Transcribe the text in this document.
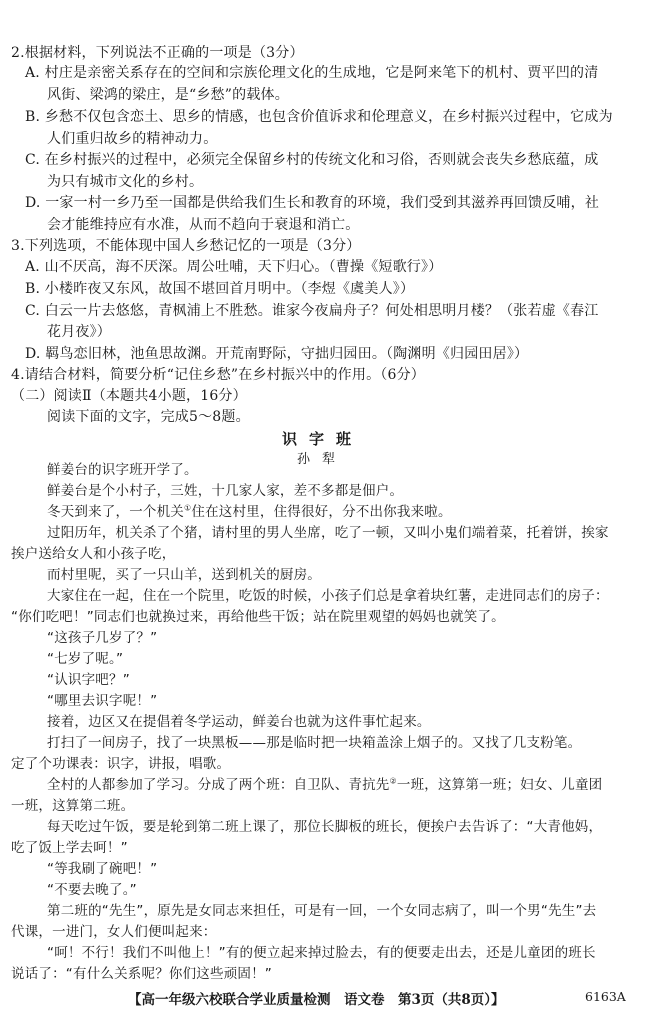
2.根据材料，下列说法不正确的一项是（3分）
A. 村庄是亲密关系存在的空间和宗族伦理文化的生成地，它是阿来笔下的机村、贾平凹的清
风街、梁鸿的梁庄，是“乡愁”的载体。
B. 乡愁不仅包含恋土、思乡的情感，也包含价值诉求和伦理意义，在乡村振兴过程中，它成为
人们重归故乡的精神动力。
C. 在乡村振兴的过程中，必须完全保留乡村的传统文化和习俗，否则就会丧失乡愁底蕴，成
为只有城市文化的乡村。
D. 一家一村一乡乃至一国都是供给我们生长和教育的环境，我们受到其滋养再回馈反哺，社
会才能维持应有水准，从而不趋向于衰退和消亡。
3.下列选项，不能体现中国人乡愁记忆的一项是（3分）
A. 山不厌高，海不厌深。周公吐哺，天下归心。（曹操《短歌行》）
B. 小楼昨夜又东风，故国不堪回首月明中。（李煜《虞美人》）
C. 白云一片去悠悠，青枫浦上不胜愁。谁家今夜扁舟子？何处相思明月楼？（张若虚《春江
花月夜》）
D. 羁鸟恋旧林，池鱼思故渊。开荒南野际，守拙归园田。（陶渊明《归园田居》）
4.请结合材料，简要分析“记住乡愁”在乡村振兴中的作用。（6分）
（二）阅读Ⅱ（本题共4小题，16分）
阅读下面的文字，完成5～8题。
识字班
孙犁
鲜姜台的识字班开学了。
鲜姜台是个小村子，三姓，十几家人家，差不多都是佃户。
冬天到来了，一个机关①住在这村里，住得很好，分不出你我来啦。
过阳历年，机关杀了个猪，请村里的男人坐席，吃了一顿，又叫小鬼们端着菜，托着饼，挨家
挨户送给女人和小孩子吃，
而村里呢，买了一只山羊，送到机关的厨房。
大家住在一起，住在一个院里，吃饭的时候，小孩子们总是拿着块红薯，走进同志们的房子：
“你们吃吧！”同志们也就换过来，再给他些干饭；站在院里观望的妈妈也就笑了。
“这孩子几岁了？”
“七岁了呢。”
“认识字吧？”
“哪里去识字呢！”
接着，边区又在提倡着冬学运动，鲜姜台也就为这件事忙起来。
打扫了一间房子，找了一块黑板——那是临时把一块箱盖涂上烟子的。又找了几支粉笔。
定了个功课表：识字，讲报，唱歌。
全村的人都参加了学习。分成了两个班：自卫队、青抗先②一班，这算第一班；妇女、儿童团
一班，这算第二班。
每天吃过午饭，要是轮到第二班上课了，那位长脚板的班长，便挨户去告诉了：“大青他妈，
吃了饭上学去呵！”
“等我刷了碗吧！”
“不要去晚了。”
第二班的“先生”，原先是女同志来担任，可是有一回，一个女同志病了，叫一个男“先生”去
代课，一进门，女人们便叫起来：
【高一年级六校联合学业质量检测　语文卷　第3页（共8页）】	6163A
“呵！不行！我们不叫他上！”有的便立起来掉过脸去，有的便要走出去，还是儿童团的班长
说话了：“有什么关系呢？你们这些顽固！”
